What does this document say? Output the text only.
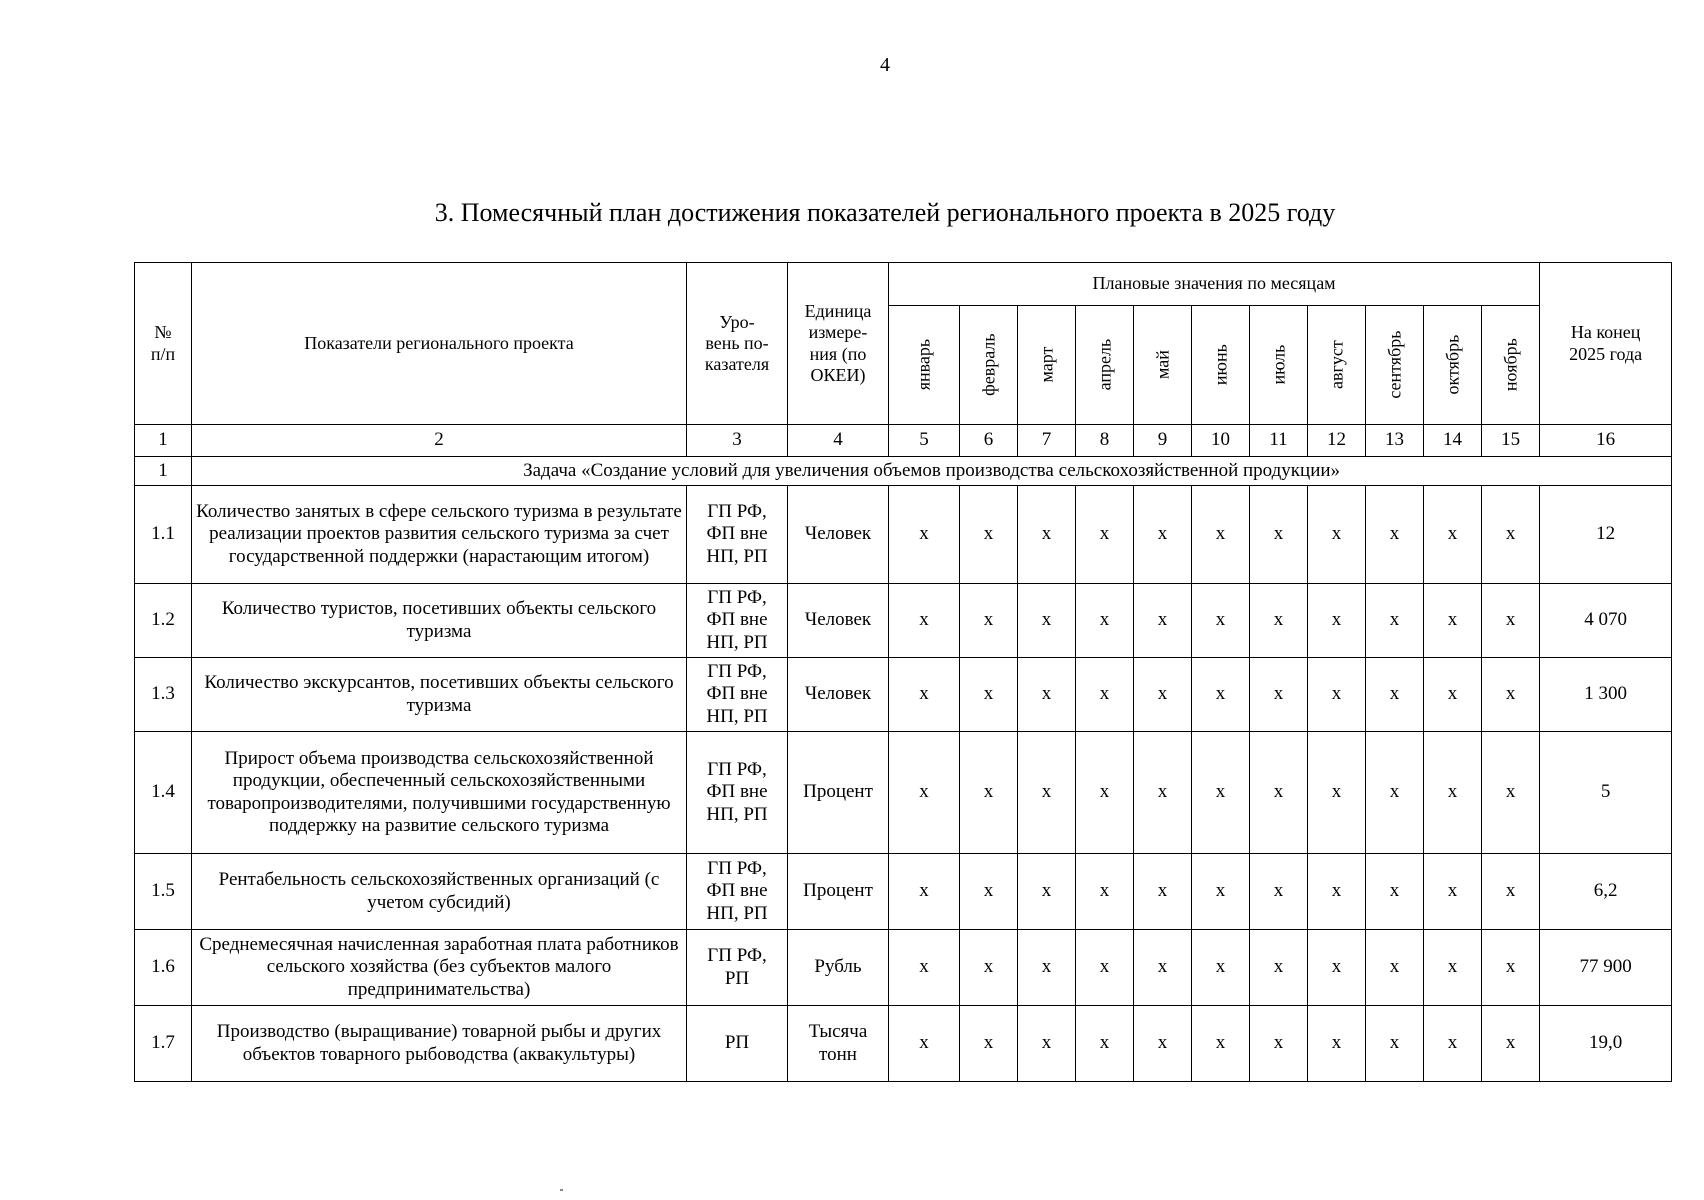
4
3. Помесячный план достижения показателей регионального проекта в 2025 году
№
п/п	Показатели регионального проекта	Уро-
вень по-
казателя	Единица
измере-
ния (по
ОКЕИ)	Плановые значения по месяцам											На конец
2025 года

январь	февраль	март	апрель	май	июнь	июль	август	сентябрь	октябрь	ноябрь	

1	2	3	4	5	6	7	8	9	10	11	12	13	14	15	16
1	Задача «Создание условий для увеличения объемов производства сельскохозяйственной продукции»														
1.1	Количество занятых в сфере сельского туризма в результате реализации проектов развития сельского туризма за счет государственной поддержки (нарастающим итогом)	ГП РФ,
ФП вне
НП, РП	Человек	x	x	x	x	x	x	x	x	x	x	x	12
1.2	Количество туристов, посетивших объекты сельского туризма	ГП РФ,
ФП вне
НП, РП	Человек	x	x	x	x	x	x	x	x	x	x	x	4 070
1.3	Количество экскурсантов, посетивших объекты сельского туризма	ГП РФ,
ФП вне
НП, РП	Человек	x	x	x	x	x	x	x	x	x	x	x	1 300
1.4	Прирост объема производства сельскохозяйственной продукции, обеспеченный сельскохозяйственными товаропроизводителями, получившими государственную поддержку на развитие сельского туризма	ГП РФ,
ФП вне
НП, РП	Процент	x	x	x	x	x	x	x	x	x	x	x	5
1.5	Рентабельность сельскохозяйственных организаций (с учетом субсидий)	ГП РФ,
ФП вне
НП, РП	Процент	x	x	x	x	x	x	x	x	x	x	x	6,2
1.6	Среднемесячная начисленная заработная плата работников сельского хозяйства (без субъектов малого предпринимательства)	ГП РФ,
РП	Рубль	x	x	x	x	x	x	x	x	x	x	x	77 900
1.7	Производство (выращивание) товарной рыбы и других объектов товарного рыбоводства (аквакультуры)	РП	Тысяча
тонн	x	x	x	x	x	x	x	x	x	x	x	19,0
